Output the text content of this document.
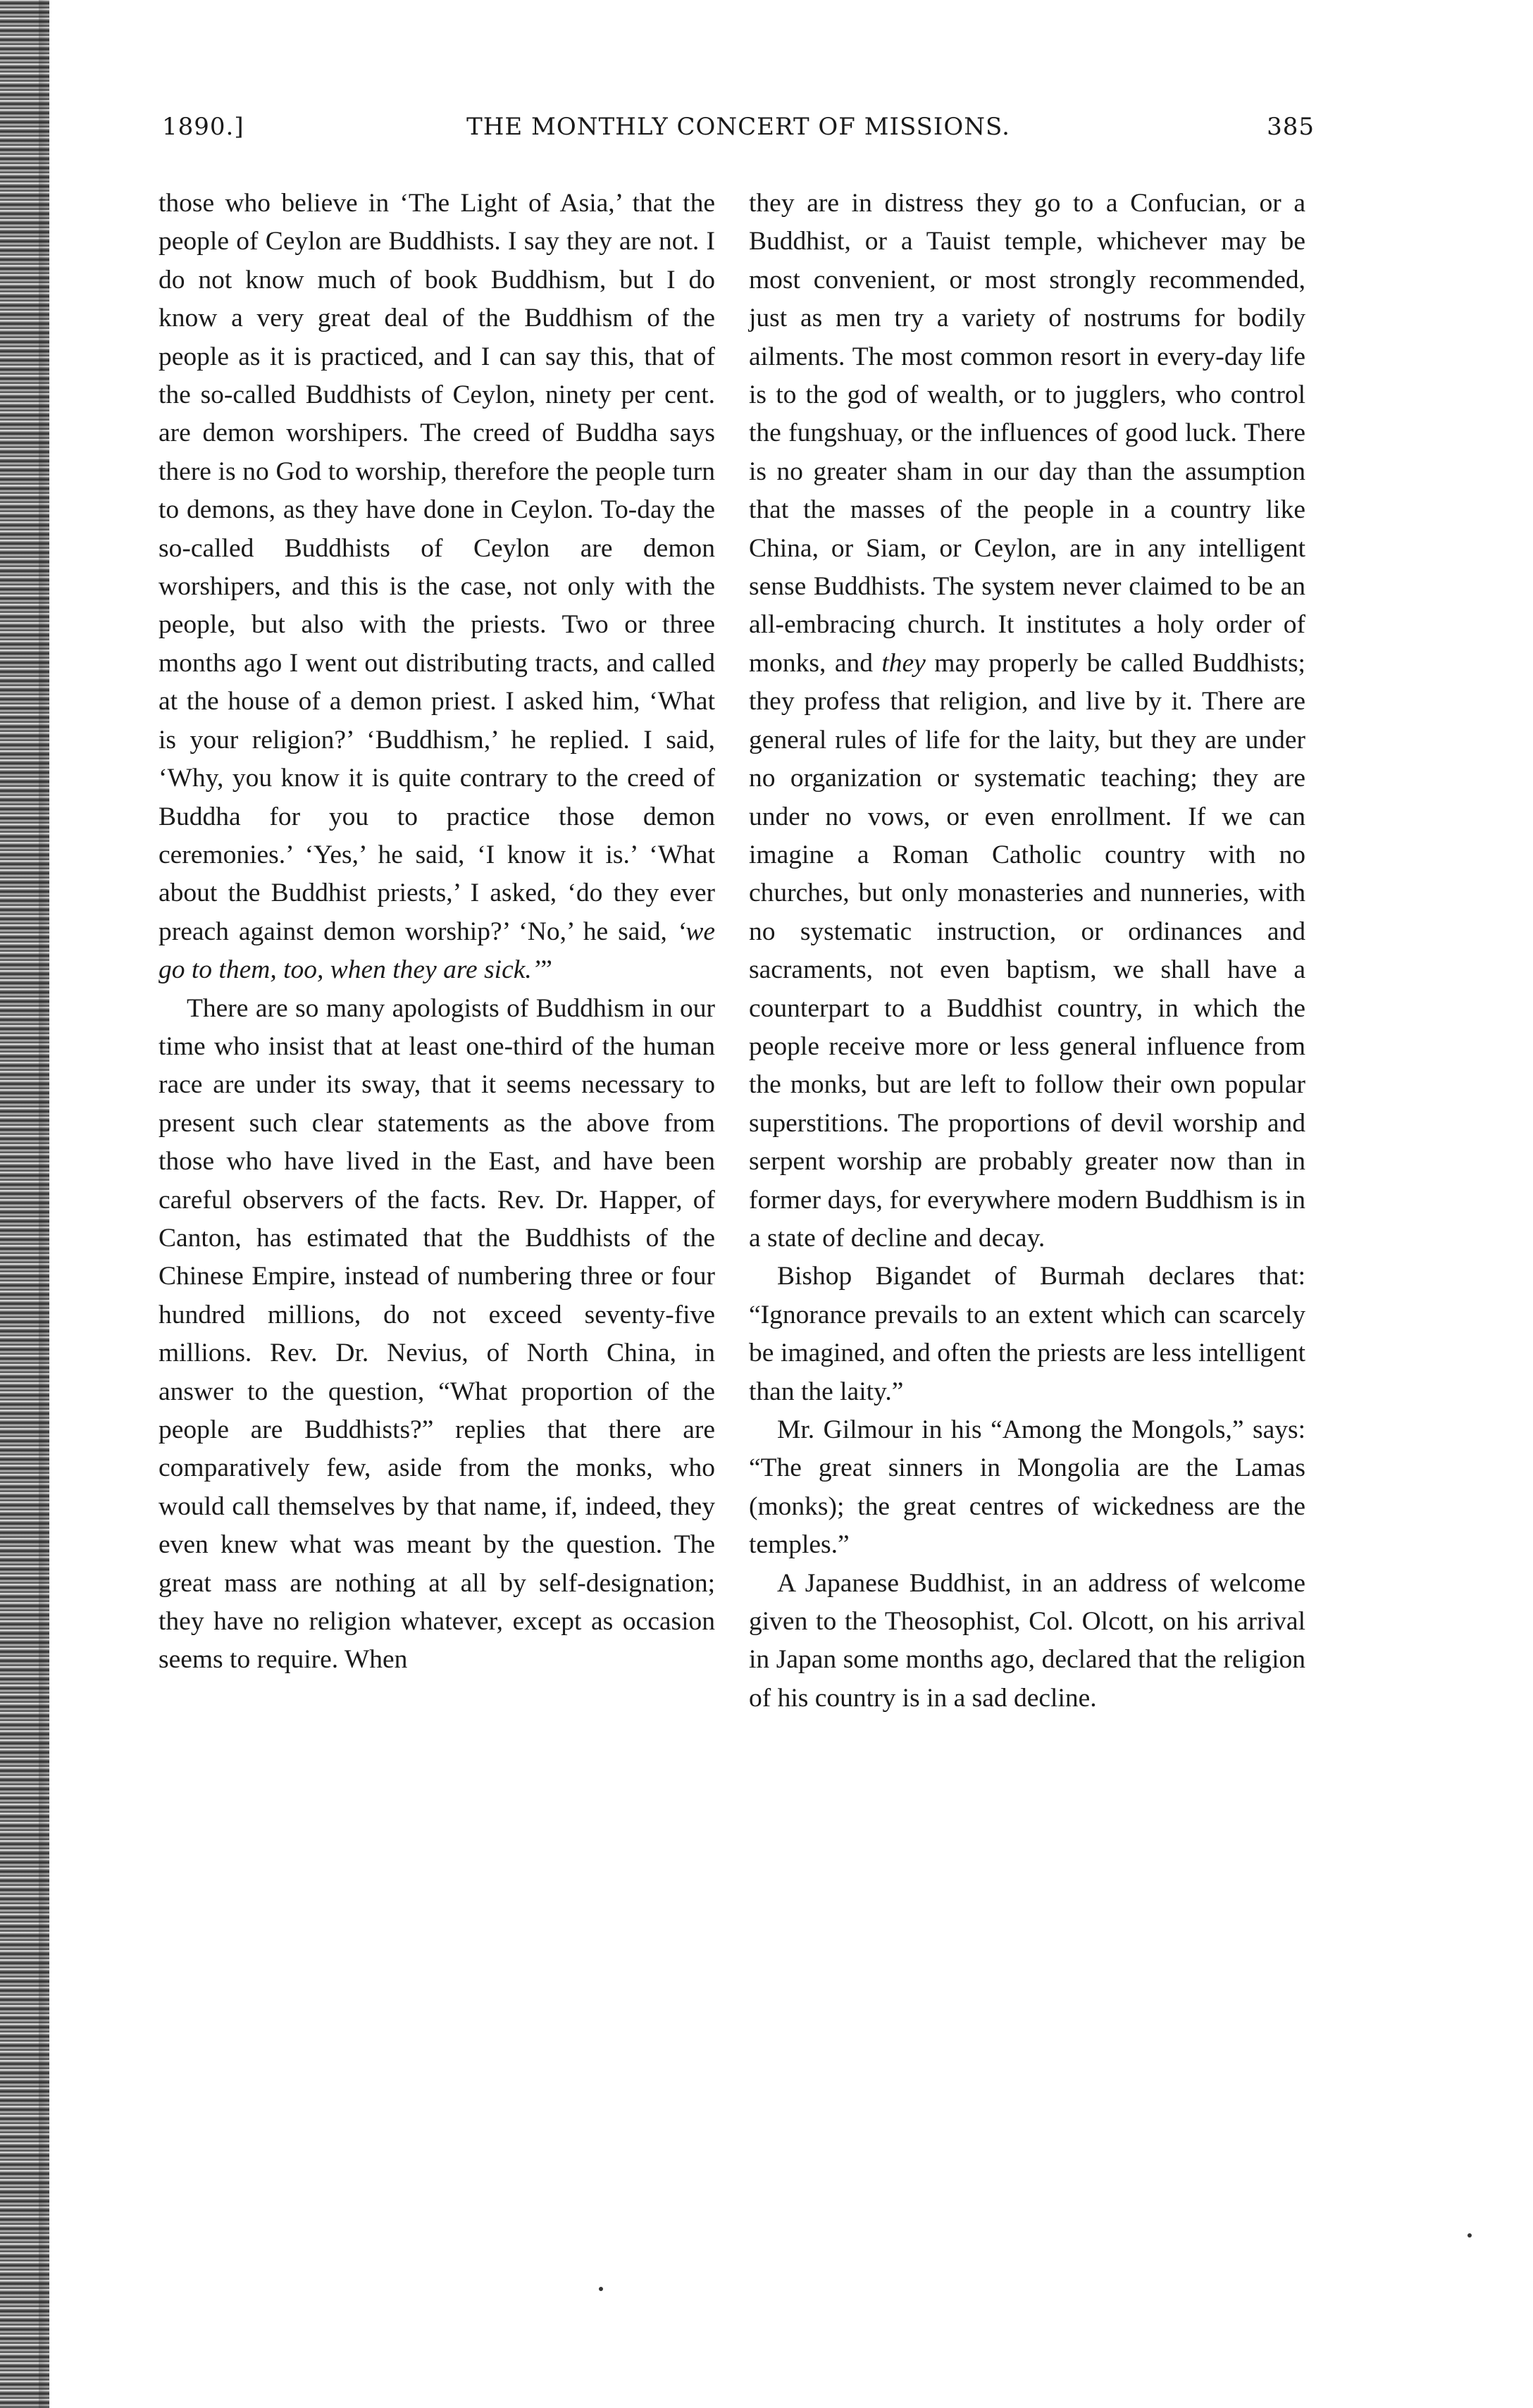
1890.]	THE MONTHLY CONCERT OF MISSIONS.	385

those who believe in ‘The Light of Asia,’ that the people of Ceylon are Buddhists. I say they are not. I do not know much of book Buddhism, but I do know a very great deal of the Buddhism of the people as it is practiced, and I can say this, that of the so-called Buddhists of Ceylon, ninety per cent. are demon worshipers. The creed of Buddha says there is no God to worship, therefore the people turn to demons, as they have done in Ceylon. To-day the so-called Buddhists of Ceylon are demon worshipers, and this is the case, not only with the people, but also with the priests. Two or three months ago I went out distributing tracts, and called at the house of a demon priest. I asked him, ‘What is your religion?’ ‘Buddhism,’ he replied. I said, ‘Why, you know it is quite contrary to the creed of Buddha for you to practice those demon ceremonies.’ ‘Yes,’ he said, ‘I know it is.’ ‘What about the Buddhist priests,’ I asked, ‘do they ever preach against demon worship?’ ‘No,’ he said, ‘we go to them, too, when they are sick.’”

There are so many apologists of Buddhism in our time who insist that at least one-third of the human race are under its sway, that it seems necessary to present such clear statements as the above from those who have lived in the East, and have been careful observers of the facts. Rev. Dr. Happer, of Canton, has estimated that the Buddhists of the Chinese Empire, instead of numbering three or four hundred millions, do not exceed seventy-five millions. Rev. Dr. Nevius, of North China, in answer to the question, “What proportion of the people are Buddhists?” replies that there are comparatively few, aside from the monks, who would call themselves by that name, if, indeed, they even knew what was meant by the question. The great mass are nothing at all by self-designation; they have no religion whatever, except as occasion seems to require. When

they are in distress they go to a Confucian, or a Buddhist, or a Tauist temple, whichever may be most convenient, or most strongly recommended, just as men try a variety of nostrums for bodily ailments. The most common resort in every-day life is to the god of wealth, or to jugglers, who control the fungshuay, or the influences of good luck. There is no greater sham in our day than the assumption that the masses of the people in a country like China, or Siam, or Ceylon, are in any intelligent sense Buddhists. The system never claimed to be an all-embracing church. It institutes a holy order of monks, and they may properly be called Buddhists; they profess that religion, and live by it. There are general rules of life for the laity, but they are under no organization or systematic teaching; they are under no vows, or even enrollment. If we can imagine a Roman Catholic country with no churches, but only monasteries and nunneries, with no systematic instruction, or ordinances and sacraments, not even baptism, we shall have a counterpart to a Buddhist country, in which the people receive more or less general influence from the monks, but are left to follow their own popular superstitions. The proportions of devil worship and serpent worship are probably greater now than in former days, for everywhere modern Buddhism is in a state of decline and decay.

Bishop Bigandet of Burmah declares that: “Ignorance prevails to an extent which can scarcely be imagined, and often the priests are less intelligent than the laity.”

Mr. Gilmour in his “Among the Mongols,” says: “The great sinners in Mongolia are the Lamas (monks); the great centres of wickedness are the temples.”

A Japanese Buddhist, in an address of welcome given to the Theosophist, Col. Olcott, on his arrival in Japan some months ago, declared that the religion of his country is in a sad decline.
